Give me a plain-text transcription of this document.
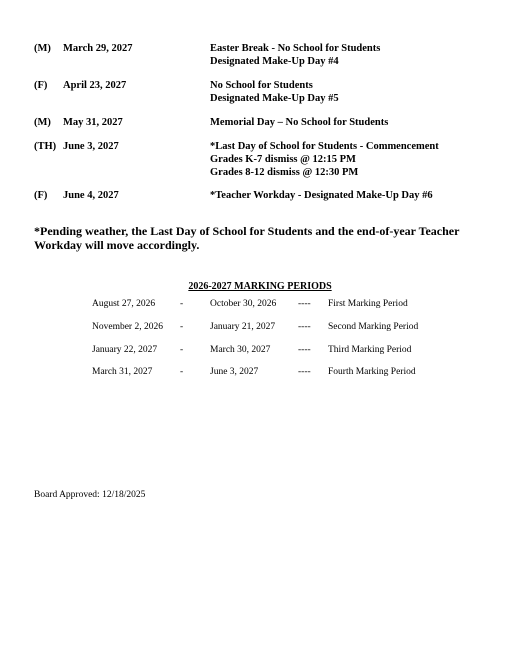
(M) March 29, 2027	Easter Break - No School for Students
Designated Make-Up Day #4
(F) April 23, 2027	No School for Students
Designated Make-Up Day #5
(M) May 31, 2027	Memorial Day – No School for Students
(TH) June 3, 2027	*Last Day of School for Students - Commencement
Grades K-7 dismiss @ 12:15 PM
Grades 8-12 dismiss @ 12:30 PM
(F) June 4, 2027	*Teacher Workday - Designated Make-Up Day #6
*Pending weather, the Last Day of School for Students and the end-of-year Teacher Workday will move accordingly.
2026-2027 MARKING PERIODS
August 27, 2026	-	October 30, 2026 ---- First Marking Period
November 2, 2026 -	January 21, 2027 ---- Second Marking Period
January 22, 2027 -	March 30, 2027	---- Third Marking Period
March 31, 2027	-	June 3, 2027	---- Fourth Marking Period
Board Approved: 12/18/2025
